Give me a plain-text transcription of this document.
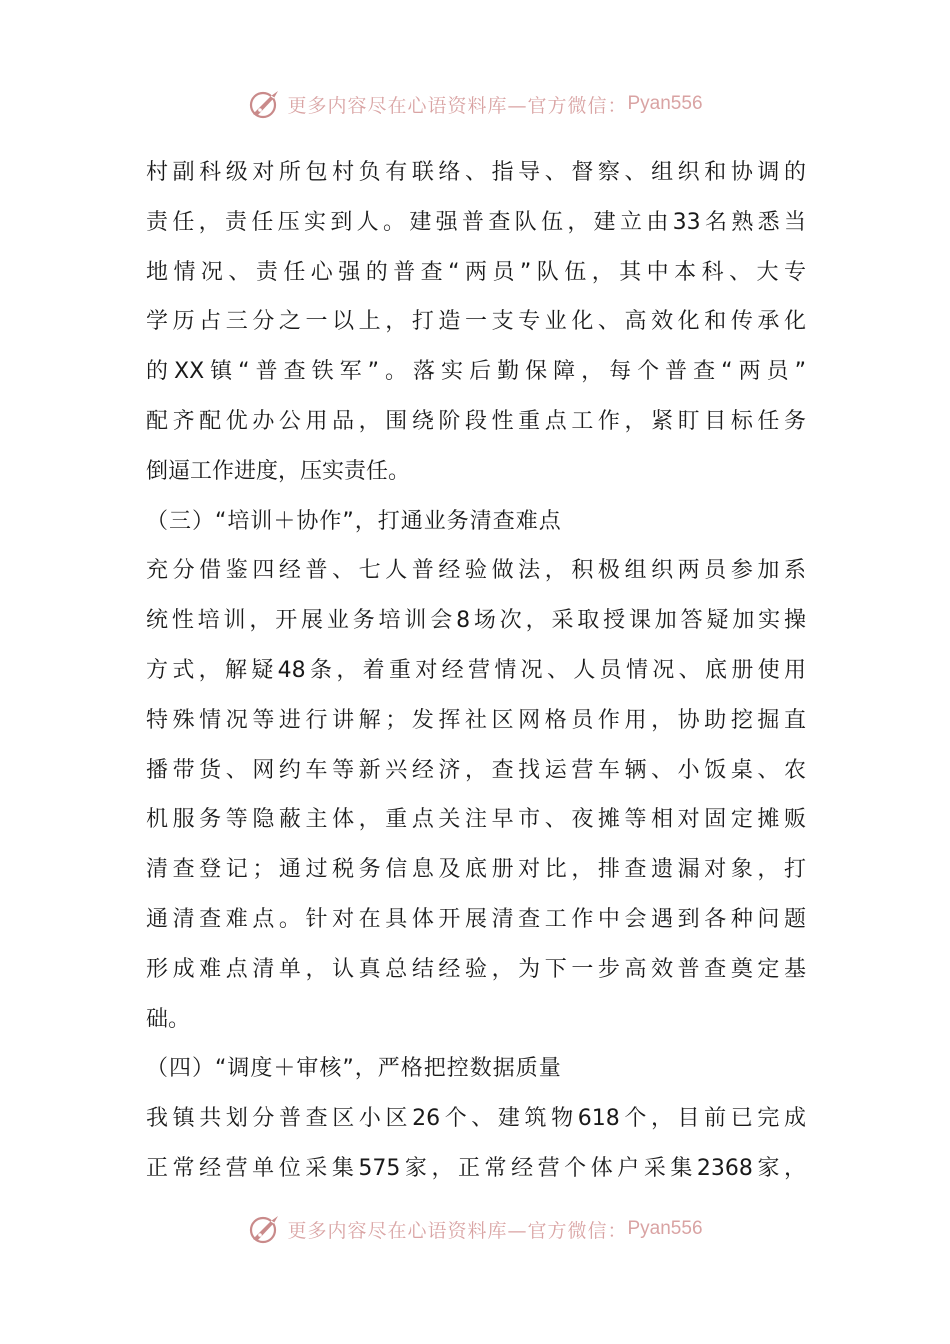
更多内容尽在心语资料库—官方微信： Pyan556
村副科级对所包村负有联络、指导、督察、组织和协调的
责任，责任压实到人。建强普查队伍，建立由33名熟悉当
地情况、责任心强的普查“两员”队伍，其中本科、大专
学历占三分之一以上，打造一支专业化、高效化和传承化
的XX镇“普查铁军”。落实后勤保障，每个普查“两员”
配齐配优办公用品，围绕阶段性重点工作，紧盯目标任务
倒逼工作进度，压实责任。
（三）“培训＋协作”，打通业务清查难点
充分借鉴四经普、七人普经验做法，积极组织两员参加系
统性培训，开展业务培训会8场次，采取授课加答疑加实操
方式，解疑48条，着重对经营情况、人员情况、底册使用
特殊情况等进行讲解；发挥社区网格员作用，协助挖掘直
播带货、网约车等新兴经济，查找运营车辆、小饭桌、农
机服务等隐蔽主体，重点关注早市、夜摊等相对固定摊贩
清查登记；通过税务信息及底册对比，排查遗漏对象，打
通清查难点。针对在具体开展清查工作中会遇到各种问题
形成难点清单，认真总结经验，为下一步高效普查奠定基
础。
（四）“调度＋审核”，严格把控数据质量
我镇共划分普查区小区26个、建筑物618个，目前已完成
正常经营单位采集575家，正常经营个体户采集2368家，
更多内容尽在心语资料库—官方微信： Pyan556
